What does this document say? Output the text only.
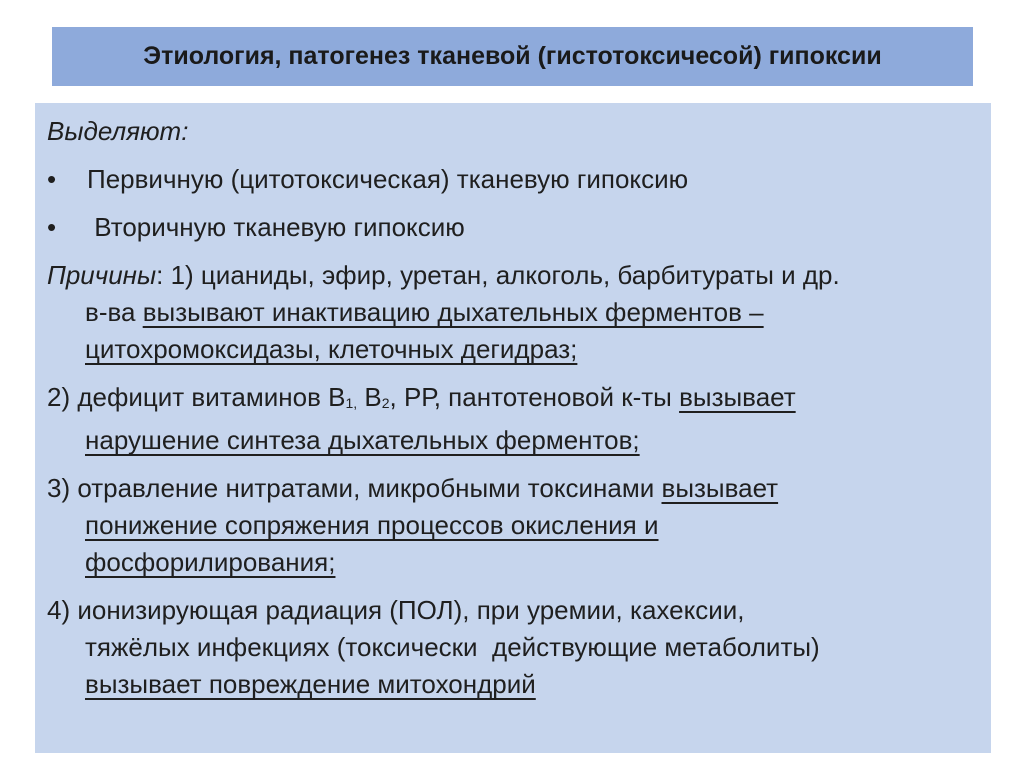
Этиология, патогенез тканевой (гистотоксичесой) гипоксии
Выделяют:
•	Первичную (цитотоксическая) тканевую гипоксию
•	Вторичную тканевую гипоксию
Причины: 1) цианиды, эфир, уретан, алкоголь, барбитураты и др.
в-ва вызывают инактивацию дыхательных ферментов –
цитохромоксидазы, клеточных дегидраз;
2) дефицит витаминов $В_{1,}$ $В_2$, РР, пантотеновой к-ты вызывает
нарушение синтеза дыхательных ферментов;
3) отравление нитратами, микробными токсинами вызывает
понижение сопряжения процессов окисления и
фосфорилирования;
4) ионизирующая радиация (ПОЛ), при уремии, кахексии,
тяжёлых инфекциях (токсически  действующие метаболиты)
вызывает повреждение митохондрий
